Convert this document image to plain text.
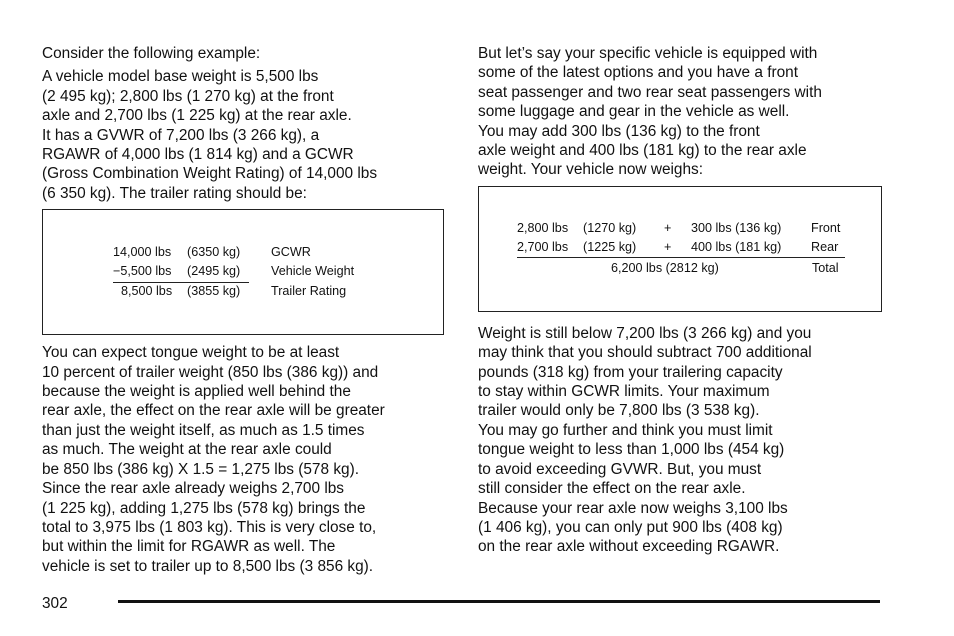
Consider the following example:
A vehicle model base weight is 5,500 lbs
(2 495 kg); 2,800 lbs (1 270 kg) at the front
axle and 2,700 lbs (1 225 kg) at the rear axle.
It has a GVWR of 7,200 lbs (3 266 kg), a
RGAWR of 4,000 lbs (1 814 kg) and a GCWR
(Gross Combination Weight Rating) of 14,000 lbs
(6 350 kg). The trailer rating should be:
14,000 lbs (6350 kg) GCWR
−5,500 lbs (2495 kg) Vehicle Weight
8,500 lbs (3855 kg) Trailer Rating
You can expect tongue weight to be at least
10 percent of trailer weight (850 lbs (386 kg)) and
because the weight is applied well behind the
rear axle, the effect on the rear axle will be greater
than just the weight itself, as much as 1.5 times
as much. The weight at the rear axle could
be 850 lbs (386 kg) X 1.5 = 1,275 lbs (578 kg).
Since the rear axle already weighs 2,700 lbs
(1 225 kg), adding 1,275 lbs (578 kg) brings the
total to 3,975 lbs (1 803 kg). This is very close to,
but within the limit for RGAWR as well. The
vehicle is set to trailer up to 8,500 lbs (3 856 kg).
But let’s say your specific vehicle is equipped with
some of the latest options and you have a front
seat passenger and two rear seat passengers with
some luggage and gear in the vehicle as well.
You may add 300 lbs (136 kg) to the front
axle weight and 400 lbs (181 kg) to the rear axle
weight. Your vehicle now weighs:
2,800 lbs (1270 kg) + 300 lbs (136 kg) Front
2,700 lbs (1225 kg) + 400 lbs (181 kg) Rear
6,200 lbs (2812 kg)	Total
Weight is still below 7,200 lbs (3 266 kg) and you
may think that you should subtract 700 additional
pounds (318 kg) from your trailering capacity
to stay within GCWR limits. Your maximum
trailer would only be 7,800 lbs (3 538 kg).
You may go further and think you must limit
tongue weight to less than 1,000 lbs (454 kg)
to avoid exceeding GVWR. But, you must
still consider the effect on the rear axle.
Because your rear axle now weighs 3,100 lbs
(1 406 kg), you can only put 900 lbs (408 kg)
on the rear axle without exceeding RGAWR.
302
